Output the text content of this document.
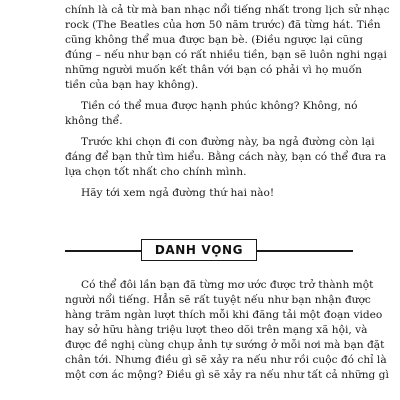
chính là cả từ mà ban nhạc nổi tiếng nhất trong lịch sử nhạc

rock (The Beatles của hơn 50 năm trước) đã từng hát. Tiền

cũng không thể mua được bạn bè. (Điều ngược lại cũng

đúng – nếu như bạn có rất nhiều tiền, bạn sẽ luôn nghi ngại

những người muốn kết thân với bạn có phải vì họ muốn

tiền của bạn hay không).

Tiền có thể mua được hạnh phúc không? Không, nó

không thể.

Trước khi chọn đi con đường này, ba ngả đường còn lại

đáng để bạn thử tìm hiểu. Bằng cách này, bạn có thể đưa ra

lựa chọn tốt nhất cho chính mình.

Hãy tới xem ngả đường thứ hai nào!

DANH VỌNG

Có thể đôi lần bạn đã từng mơ ước được trở thành một

người nổi tiếng. Hẳn sẽ rất tuyệt nếu như bạn nhận được

hàng trăm ngàn lượt thích mỗi khi đăng tải một đoạn video

hay sở hữu hàng triệu lượt theo dõi trên mạng xã hội, và

được đề nghị cùng chụp ảnh tự sướng ở mỗi nơi mà bạn đặt

chân tới. Nhưng điều gì sẽ xảy ra nếu như rồi cuộc đó chỉ là

một cơn ác mộng? Điều gì sẽ xảy ra nếu như tất cả những gì
